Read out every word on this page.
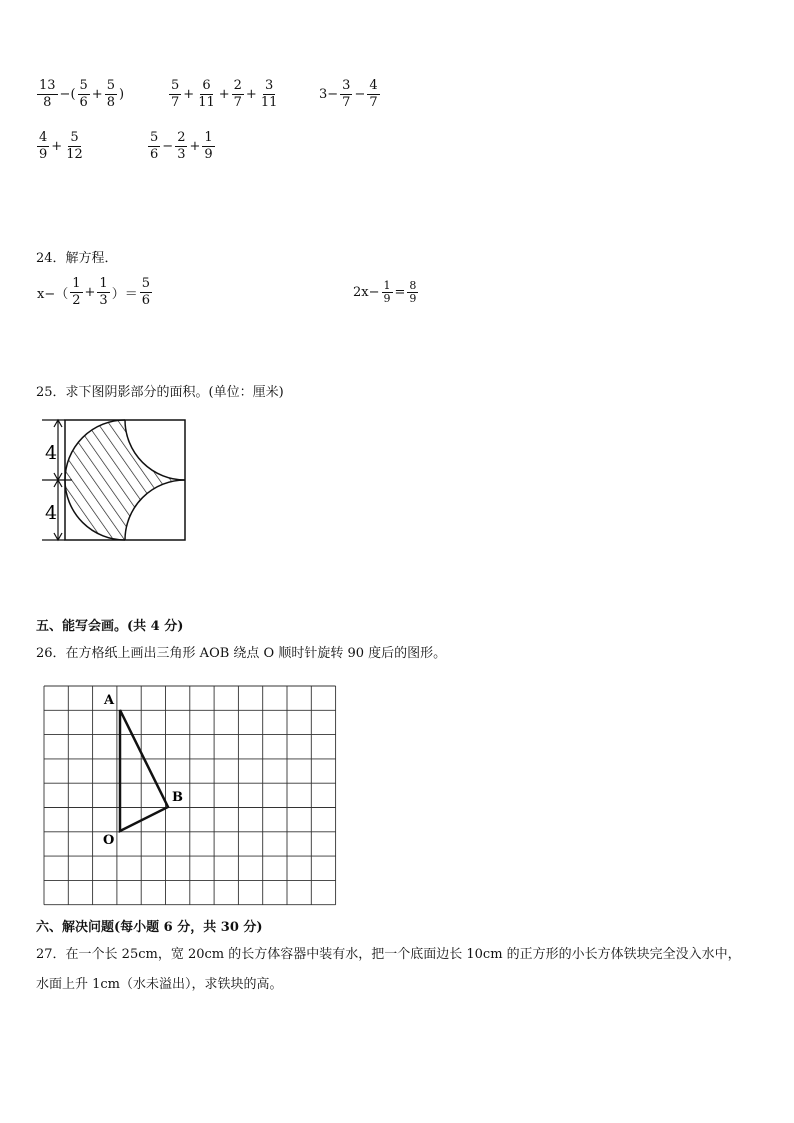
$\frac{13}{8}$ −( $\frac{5}{6} + \frac{5}{8}$ )	$\frac{5}{7} + \frac{6}{11} + \frac{2}{7} + \frac{3}{11}$	$3- \frac{3}{7} - \frac{4}{7}$
$\frac{4}{9} + \frac{5}{12}$	$\frac{5}{6} - \frac{2}{3} + \frac{1}{9}$
24．解方程．
$x-( \frac{1}{2} + \frac{1}{3}$ ）＝ $\frac{5}{6}$	$2x- \frac{1}{9} = \frac{8}{9}$
25．求下图阴影部分的面积。(单位：厘米)
4
4
五、能写会画。(共 4 分)
26．在方格纸上画出三角形 AOB 绕点 O 顺时针旋转 90 度后的图形。
A
B
O
六、解决问题(每小题 6 分，共 30 分)
27．在一个长 25cm，宽 20cm 的长方体容器中装有水，把一个底面边长 10cm 的正方形的小长方体铁块完全没入水中，
水面上升 1cm（水未溢出），求铁块的高。
